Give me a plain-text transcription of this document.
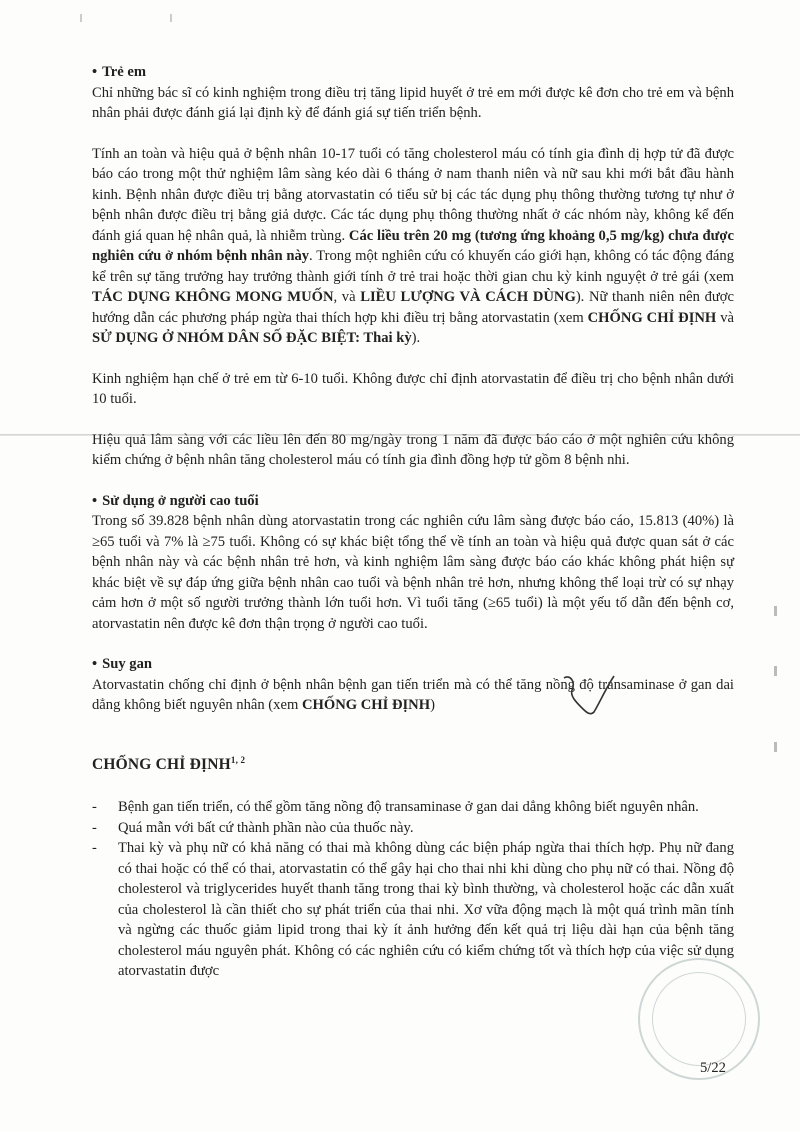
• Trẻ em

Chỉ những bác sĩ có kinh nghiệm trong điều trị tăng lipid huyết ở trẻ em mới được kê đơn cho trẻ em và bệnh nhân phải được đánh giá lại định kỳ để đánh giá sự tiến triển bệnh.

Tính an toàn và hiệu quả ở bệnh nhân 10-17 tuổi có tăng cholesterol máu có tính gia đình dị hợp tử đã được báo cáo trong một thử nghiệm lâm sàng kéo dài 6 tháng ở nam thanh niên và nữ sau khi mới bắt đầu hành kinh. Bệnh nhân được điều trị bằng atorvastatin có tiểu sử bị các tác dụng phụ thông thường tương tự như ở bệnh nhân được điều trị bằng giả dược. Các tác dụng phụ thông thường nhất ở các nhóm này, không kể đến đánh giá quan hệ nhân quả, là nhiễm trùng. Các liều trên 20 mg (tương ứng khoảng 0,5 mg/kg) chưa được nghiên cứu ở nhóm bệnh nhân này. Trong một nghiên cứu có khuyến cáo giới hạn, không có tác động đáng kể trên sự tăng trưởng hay trưởng thành giới tính ở trẻ trai hoặc thời gian chu kỳ kinh nguyệt ở trẻ gái (xem TÁC DỤNG KHÔNG MONG MUỐN, và LIỀU LƯỢNG VÀ CÁCH DÙNG). Nữ thanh niên nên được hướng dẫn các phương pháp ngừa thai thích hợp khi điều trị bằng atorvastatin (xem CHỐNG CHỈ ĐỊNH và SỬ DỤNG Ở NHÓM DÂN SỐ ĐẶC BIỆT: Thai kỳ).

Kinh nghiệm hạn chế ở trẻ em từ 6-10 tuổi. Không được chỉ định atorvastatin để điều trị cho bệnh nhân dưới 10 tuổi.

Hiệu quả lâm sàng với các liều lên đến 80 mg/ngày trong 1 năm đã được báo cáo ở một nghiên cứu không kiểm chứng ở bệnh nhân tăng cholesterol máu có tính gia đình đồng hợp tử gồm 8 bệnh nhi.

• Sử dụng ở người cao tuổi

Trong số 39.828 bệnh nhân dùng atorvastatin trong các nghiên cứu lâm sàng được báo cáo, 15.813 (40%) là ≥65 tuổi và 7% là ≥75 tuổi. Không có sự khác biệt tổng thể về tính an toàn và hiệu quả được quan sát ở các bệnh nhân này và các bệnh nhân trẻ hơn, và kinh nghiệm lâm sàng được báo cáo khác không phát hiện sự khác biệt về sự đáp ứng giữa bệnh nhân cao tuổi và bệnh nhân trẻ hơn, nhưng không thể loại trừ có sự nhạy cảm hơn ở một số người trưởng thành lớn tuổi hơn. Vì tuổi tăng (≥65 tuổi) là một yếu tố dẫn đến bệnh cơ, atorvastatin nên được kê đơn thận trọng ở người cao tuổi.

• Suy gan

Atorvastatin chống chỉ định ở bệnh nhân bệnh gan tiến triển mà có thể tăng nồng độ transaminase ở gan dai dẳng không biết nguyên nhân (xem CHỐNG CHỈ ĐỊNH)

CHỐNG CHỈ ĐỊNH$^{1, 2}$
- Bệnh gan tiến triển, có thể gồm tăng nồng độ transaminase ở gan dai dẳng không biết nguyên nhân.
- Quá mẫn với bất cứ thành phần nào của thuốc này.
- Thai kỳ và phụ nữ có khả năng có thai mà không dùng các biện pháp ngừa thai thích hợp. Phụ nữ đang có thai hoặc có thể có thai, atorvastatin có thể gây hại cho thai nhi khi dùng cho phụ nữ có thai. Nồng độ cholesterol và triglycerides huyết thanh tăng trong thai kỳ bình thường, và cholesterol hoặc các dẫn xuất của cholesterol là cần thiết cho sự phát triển của thai nhi. Xơ vữa động mạch là một quá trình mãn tính và ngừng các thuốc giảm lipid trong thai kỳ ít ảnh hưởng đến kết quả trị liệu dài hạn của bệnh tăng cholesterol máu nguyên phát. Không có các nghiên cứu có kiểm chứng tốt và thích hợp của việc sử dụng atorvastatin được
5/22
